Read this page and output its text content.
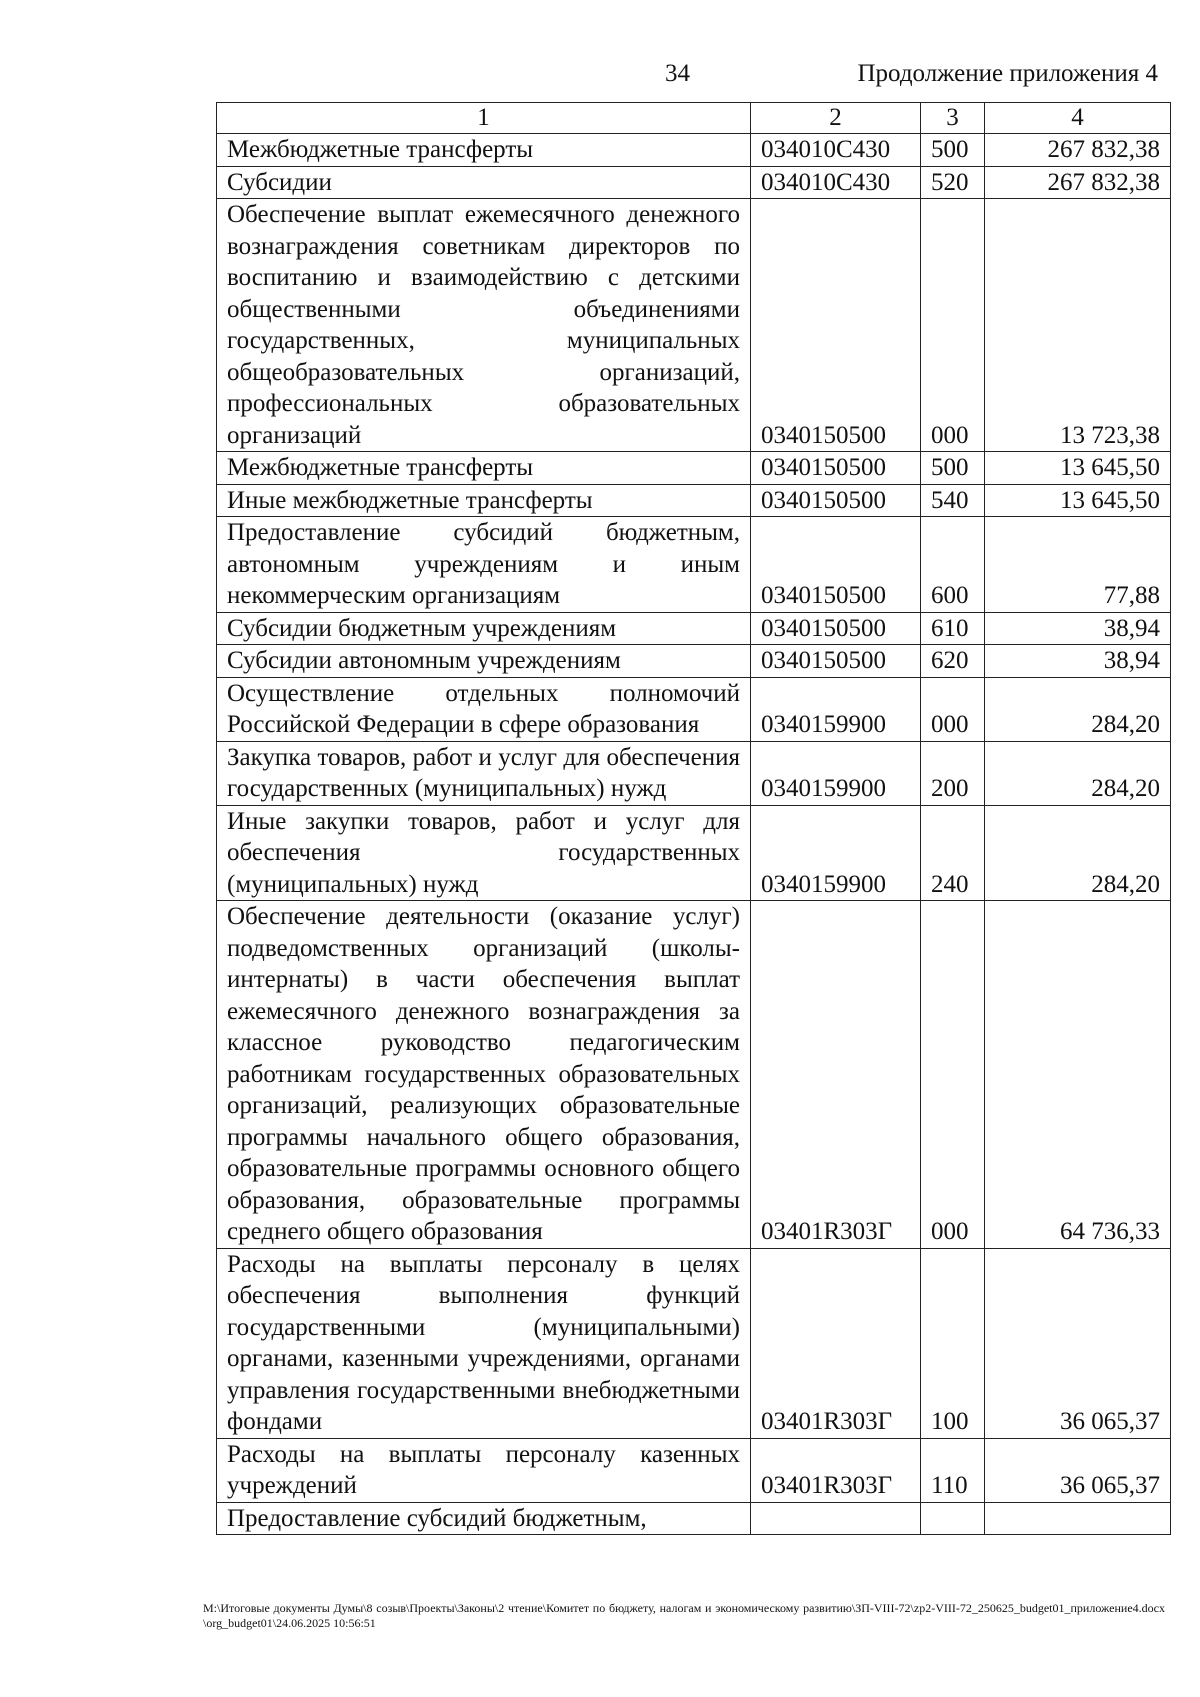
34	Продолжение приложения 4
1	2	3	4
Межбюджетные трансферты	034010С430	500	267 832,38
Субсидии	034010С430	520	267 832,38
Обеспечение выплат ежемесячного денежного вознаграждения советникам директоров по воспитанию и взаимодействию с детскими общественными объединениями государственных, муниципальных общеобразовательных организаций, профессиональных образовательных организаций	0340150500	000	13 723,38
Межбюджетные трансферты	0340150500	500	13 645,50
Иные межбюджетные трансферты	0340150500	540	13 645,50
Предоставление субсидий бюджетным, автономным учреждениям и иным некоммерческим организациям	0340150500	600	77,88
Субсидии бюджетным учреждениям	0340150500	610	38,94
Субсидии автономным учреждениям	0340150500	620	38,94
Осуществление отдельных полномочий Российской Федерации в сфере образования	0340159900	000	284,20
Закупка товаров, работ и услуг для обеспечения государственных (муниципальных) нужд	0340159900	200	284,20
Иные закупки товаров, работ и услуг для обеспечения государственных (муниципальных) нужд	0340159900	240	284,20
Обеспечение деятельности (оказание услуг) подведомственных организаций (школы-интернаты) в части обеспечения выплат ежемесячного денежного вознаграждения за классное руководство педагогическим работникам государственных образовательных организаций, реализующих образовательные программы начального общего образования, образовательные программы основного общего образования, образовательные программы среднего общего образования	03401R303Г	000	64 736,33
Расходы на выплаты персоналу в целях обеспечения выполнения функций государственными (муниципальными) органами, казенными учреждениями, органами управления государственными внебюджетными фондами	03401R303Г	100	36 065,37
Расходы на выплаты персоналу казенных учреждений	03401R303Г	110	36 065,37
Предоставление субсидий бюджетным,			
M:\Итоговые документы Думы\8 созыв\Проекты\Законы\2 чтение\Комитет по бюджету, налогам и экономическому развитию\ЗП-VIII-72\zp2-VIII-72_250625_budget01_приложение4.docx\org_budget01\24.06.2025 10:56:51
